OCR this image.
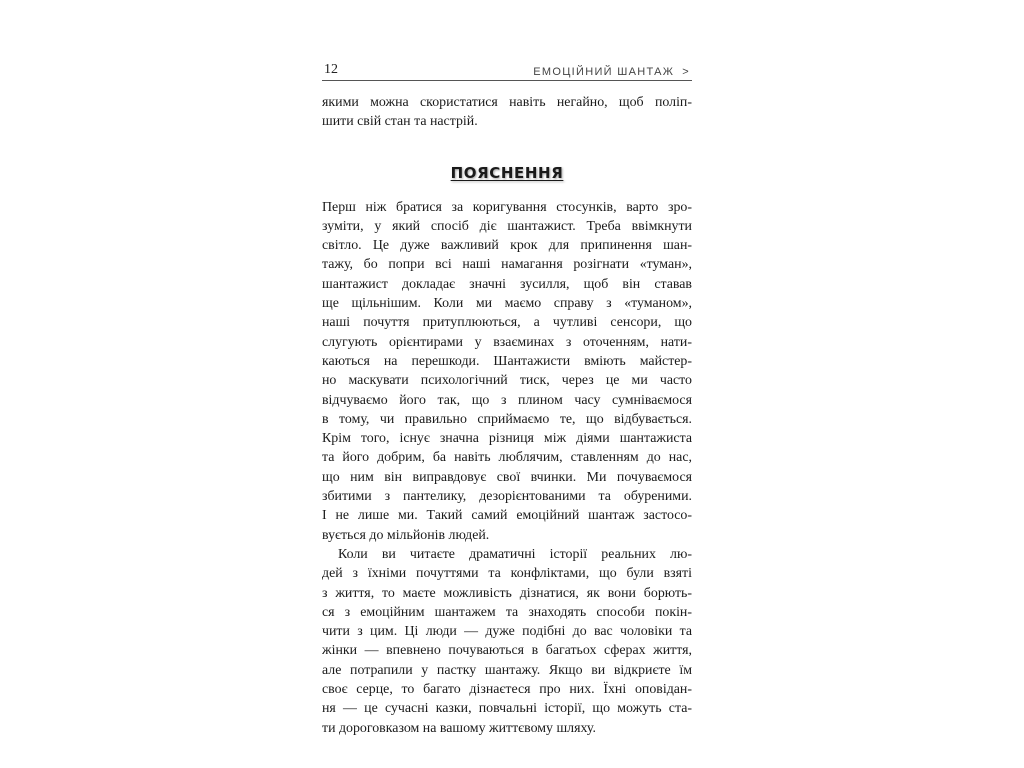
12	ЕМОЦІЙНИЙ ШАНТАЖ >
якими можна скористатися навіть негайно, щоб поліп-
шити свій стан та настрій.
ПОЯСНЕННЯ
Перш ніж братися за коригування стосунків, варто зро-
зуміти, у який спосіб діє шантажист. Треба ввімкнути
світло. Це дуже важливий крок для припинення шан-
тажу, бо попри всі наші намагання розігнати «туман»,
шантажист докладає значні зусилля, щоб він ставав
ще щільнішим. Коли ми маємо справу з «туманом»,
наші почуття притуплюються, а чутливі сенсори, що
слугують орієнтирами у взаєминах з оточенням, нати-
каються на перешкоди. Шантажисти вміють майстер-
но маскувати психологічний тиск, через це ми часто
відчуваємо його так, що з плином часу сумніваємося
в тому, чи правильно сприймаємо те, що відбувається.
Крім того, існує значна різниця між діями шантажиста
та його добрим, ба навіть люблячим, ставленням до нас,
що ним він виправдовує свої вчинки. Ми почуваємося
збитими з пантелику, дезорієнтованими та обуреними.
І не лише ми. Такий самий емоційний шантаж застосо-
вується до мільйонів людей.
Коли ви читаєте драматичні історії реальних лю-
дей з їхніми почуттями та конфліктами, що були взяті
з життя, то маєте можливість дізнатися, як вони борють-
ся з емоційним шантажем та знаходять способи покін-
чити з цим. Ці люди — дуже подібні до вас чоловіки та
жінки — впевнено почуваються в багатьох сферах життя,
але потрапили у пастку шантажу. Якщо ви відкриєте їм
своє серце, то багато дізнаєтеся про них. Їхні оповідан-
ня — це сучасні казки, повчальні історії, що можуть ста-
ти дороговказом на вашому життєвому шляху.
